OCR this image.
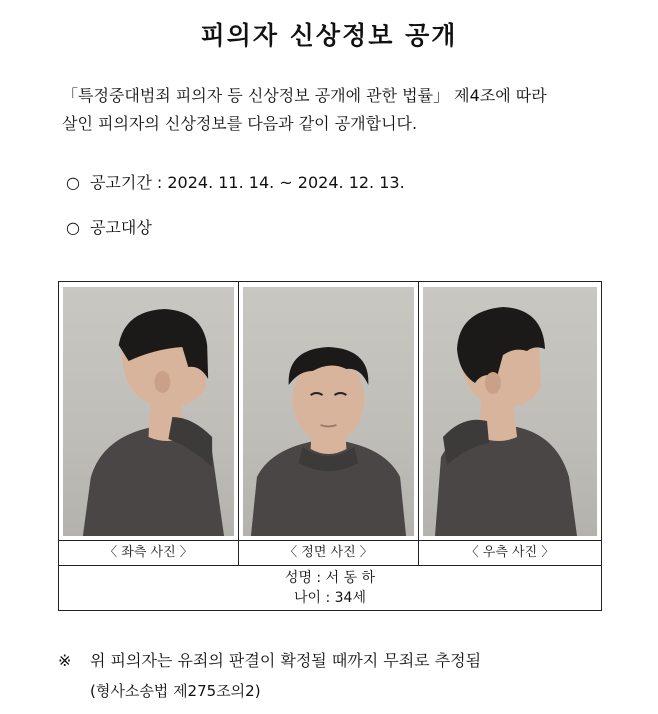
피의자 신상정보 공개
「특정중대범죄 피의자 등 신상정보 공개에 관한 법률」 제4조에 따라
살인 피의자의 신상정보를 다음과 같이 공개합니다.
○ 공고기간 : 2024. 11. 14. ~ 2024. 12. 13.
○ 공고대상
〈 좌측 사진 〉	〈 정면 사진 〉	〈 우측 사진 〉
성명 : 서 동 하
나이 : 34세
※ 위 피의자는 유죄의 판결이 확정될 때까지 무죄로 추정됨
(형사소송법 제275조의2)
